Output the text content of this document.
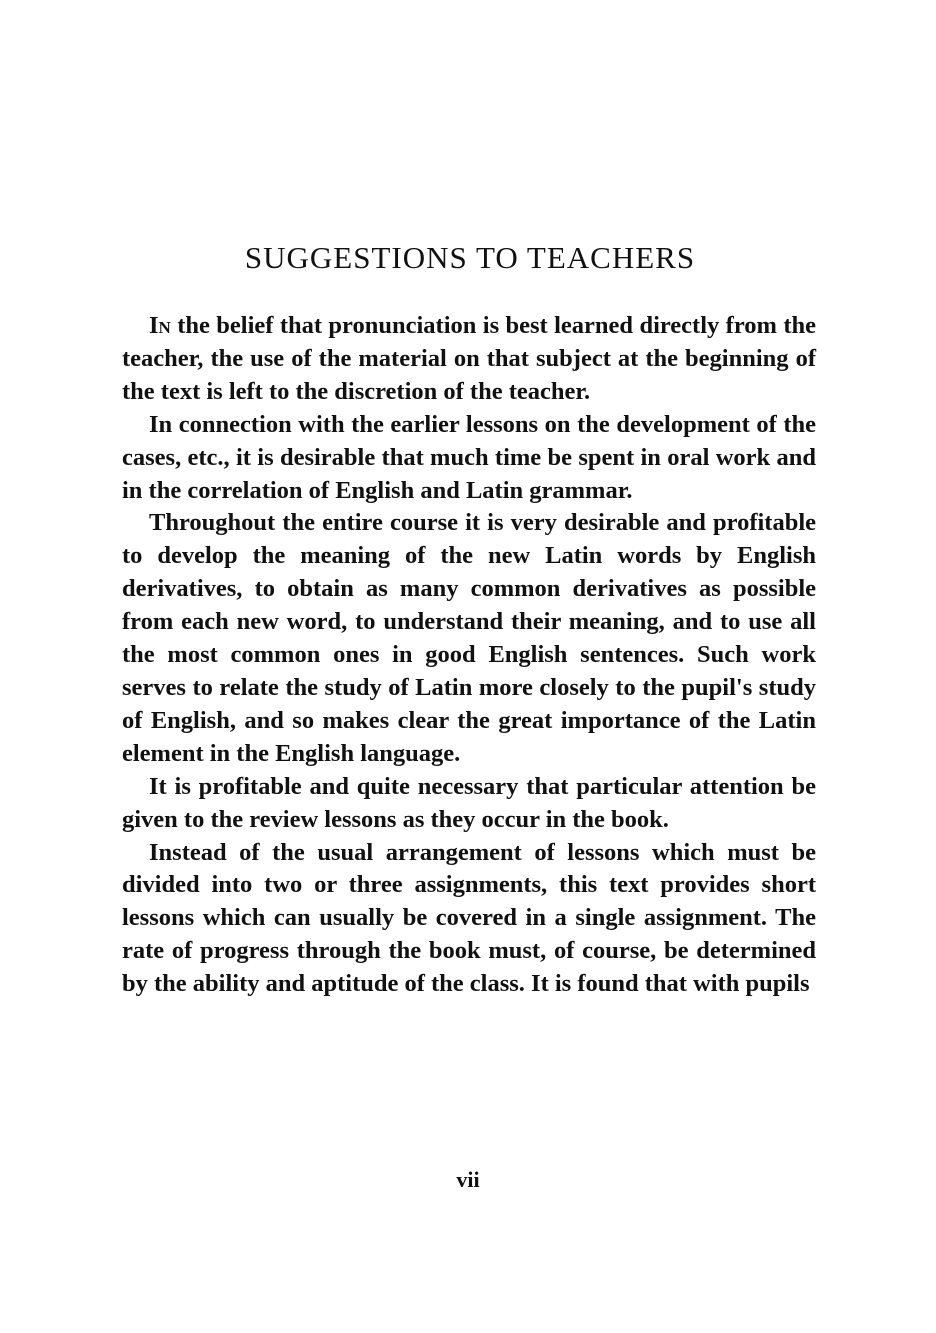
SUGGESTIONS TO TEACHERS

In the belief that pronunciation is best learned directly from the teacher, the use of the material on that subject at the beginning of the text is left to the discretion of the teacher.

In connection with the earlier lessons on the development of the cases, etc., it is desirable that much time be spent in oral work and in the correlation of English and Latin grammar.

Throughout the entire course it is very desirable and profitable to develop the meaning of the new Latin words by English derivatives, to obtain as many common derivatives as possible from each new word, to understand their meaning, and to use all the most common ones in good English sentences. Such work serves to relate the study of Latin more closely to the pupil's study of English, and so makes clear the great importance of the Latin element in the English language.

It is profitable and quite necessary that particular attention be given to the review lessons as they occur in the book.

Instead of the usual arrangement of lessons which must be divided into two or three assignments, this text provides short lessons which can usually be covered in a single assignment. The rate of progress through the book must, of course, be determined by the ability and aptitude of the class. It is found that with pupils

vii
